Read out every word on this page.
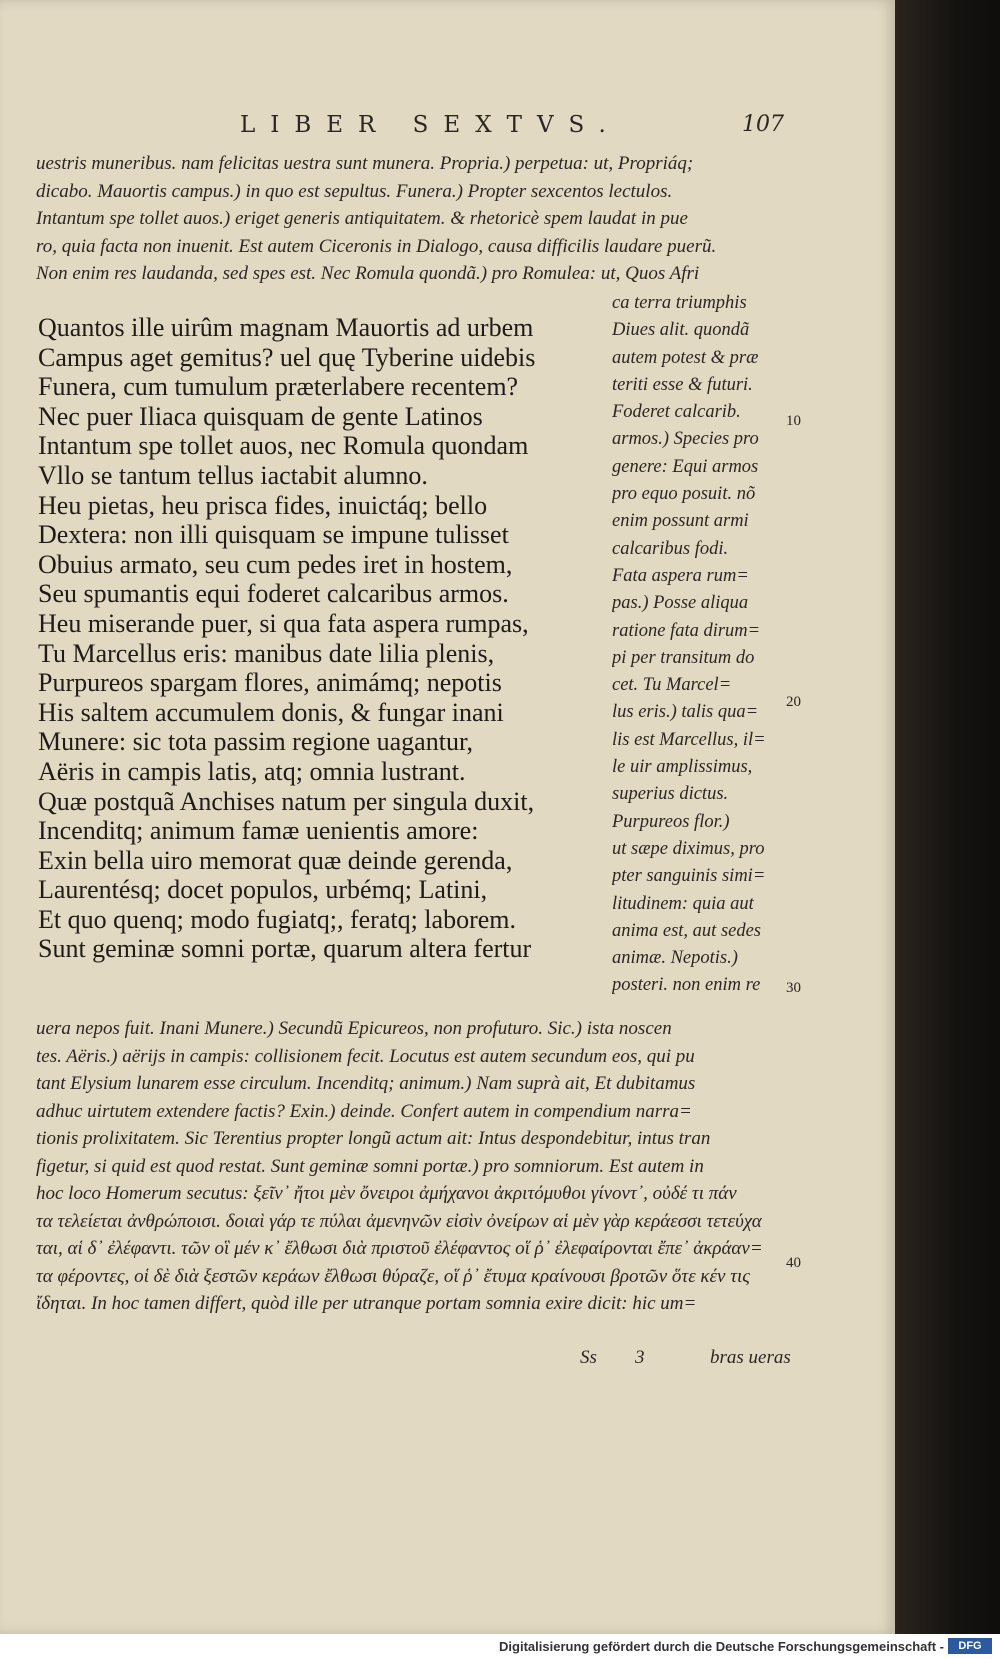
LIBER SEXTVS.	107
uestris muneribus. nam felicitas uestra sunt munera. Propria.) perpetua: ut, Propriáq;
dicabo. Mauortis campus.) in quo est sepultus. Funera.) Propter sexcentos lectulos.
Intantum spe tollet auos.) eriget generis antiquitatem. & rhetoricè spem laudat in pue
ro, quia facta non inuenit. Est autem Ciceronis in Dialogo, causa difficilis laudare puerũ.
Non enim res laudanda, sed spes est. Nec Romula quondã.) pro Romulea: ut, Quos Afri
Quantos ille uirûm magnam Mauortis ad urbem
Campus aget gemitus? uel quę Tyberine uidebis
Funera, cum tumulum præterlabere recentem?
Nec puer Iliaca quisquam de gente Latinos
Intantum spe tollet auos, nec Romula quondam
Vllo se tantum tellus iactabit alumno.
Heu pietas, heu prisca fides, inuictáq; bello
Dextera: non illi quisquam se impune tulisset
Obuius armato, seu cum pedes iret in hostem,
Seu spumantis equi foderet calcaribus armos.
Heu miserande puer, si qua fata aspera rumpas,
Tu Marcellus eris: manibus date lilia plenis,
Purpureos spargam flores, animámq; nepotis
His saltem accumulem donis, & fungar inani
Munere: sic tota passim regione uagantur,
Aëris in campis latis, atq; omnia lustrant.
Quæ postquã Anchises natum per singula duxit,
Incenditq; animum famæ uenientis amore:
Exin bella uiro memorat quæ deinde gerenda,
Laurentésq; docet populos, urbémq; Latini,
Et quo quenq; modo fugiatq;, feratq; laborem.
Sunt geminæ somni portæ, quarum altera fertur
ca terra triumphis
Diues alit. quondã
autem potest & præ
teriti esse & futuri.
Foderet calcarib.
armos.) Species pro
genere: Equi armos
pro equo posuit. nõ
enim possunt armi
calcaribus fodi.
Fata aspera rum=
pas.) Posse aliqua
ratione fata dirum=
pi per transitum do
cet. Tu Marcel=
lus eris.) talis qua=
lis est Marcellus, il=
le uir amplissimus,
superius dictus.
Purpureos flor.)
ut sæpe diximus, pro
pter sanguinis simi=
litudinem: quia aut
anima est, aut sedes
animæ. Nepotis.)
posteri. non enim re
10
20
30
40
uera nepos fuit. Inani Munere.) Secundũ Epicureos, non profuturo. Sic.) ista noscen
tes. Aëris.) aërijs in campis: collisionem fecit. Locutus est autem secundum eos, qui pu
tant Elysium lunarem esse circulum. Incenditq; animum.) Nam suprà ait, Et dubitamus
adhuc uirtutem extendere factis? Exin.) deinde. Confert autem in compendium narra=
tionis prolixitatem. Sic Terentius propter longũ actum ait: Intus despondebitur, intus tran
figetur, si quid est quod restat. Sunt geminæ somni portæ.) pro somniorum. Est autem in
hoc loco Homerum secutus: ξεῖν᾽ ἤτοι μὲν ὄνειροι ἀμήχανοι ἀκριτόμυθοι γίνοντ᾽, οὐδέ τι πάν
τα τελείεται ἀνθρώποισι. δοιαὶ γάρ τε πύλαι ἀμενηνῶν εἰσὶν ὀνείρων αἱ μὲν γὰρ κεράεσσι τετεύχα
ται, αἱ δ᾽ ἐλέφαντι. τῶν οἳ μέν κ᾽ ἔλθωσι διὰ πριστοῦ ἐλέφαντος οἵ ῥ᾽ ἐλεφαίρονται ἔπε᾽ ἀκράαν=
τα φέροντες, οἱ δὲ διὰ ξεστῶν κεράων ἔλθωσι θύραζε, οἵ ῥ᾽ ἔτυμα κραίνουσι βροτῶν ὅτε κέν τις
ἴδηται. In hoc tamen differt, quòd ille per utranque portam somnia exire dicit: hic um=
Ss 3	bras ueras
Digitalisierung gefördert durch die Deutsche Forschungsgemeinschaft -	DFG
